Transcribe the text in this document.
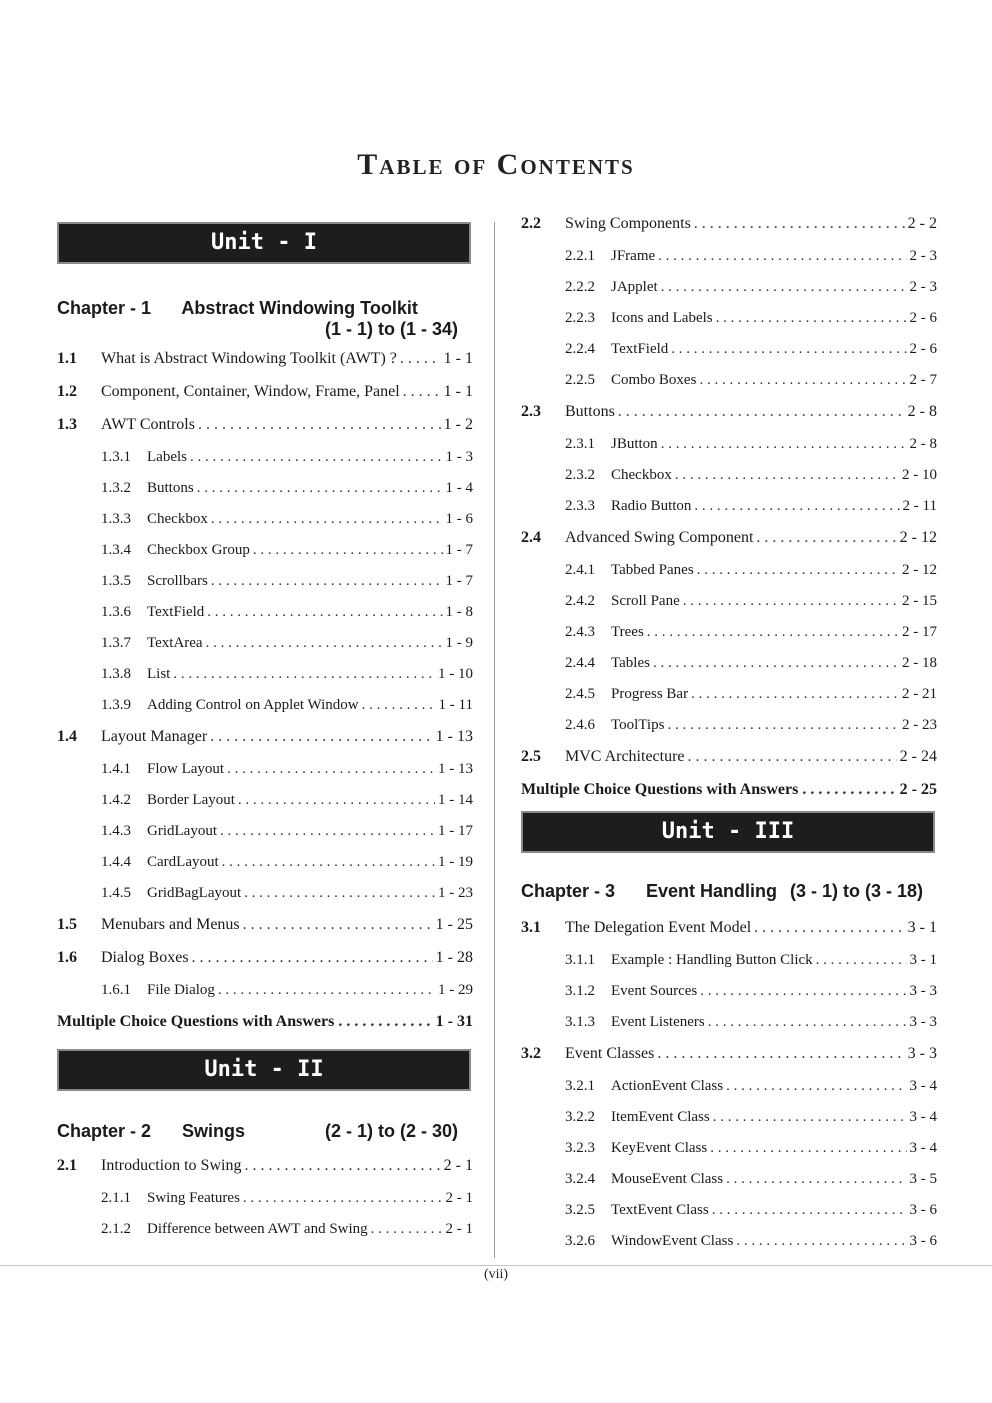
Table of Contents
Unit - I
Chapter - 1 Abstract Windowing Toolkit
(1 - 1) to (1 - 34)
1.1	What is Abstract Windowing Toolkit (AWT) ? . . .	1 - 1
1.2	Component, Container, Window, Frame, Panel . . .	1 - 1
1.3	AWT Controls . . .	1 - 2
1.3.1	Labels . . .	1 - 3
1.3.2	Buttons . . .	1 - 4
1.3.3	Checkbox . . .	1 - 6
1.3.4	Checkbox Group . . .	1 - 7
1.3.5	Scrollbars . . .	1 - 7
1.3.6	TextField . . .	1 - 8
1.3.7	TextArea . . .	1 - 9
1.3.8	List . . .	1 - 10
1.3.9	Adding Control on Applet Window . . .	1 - 11
1.4	Layout Manager . . .	1 - 13
1.4.1	Flow Layout . . .	1 - 13
1.4.2	Border Layout . . .	1 - 14
1.4.3	GridLayout . . .	1 - 17
1.4.4	CardLayout . . .	1 - 19
1.4.5	GridBagLayout . . .	1 - 23
1.5	Menubars and Menus . . .	1 - 25
1.6	Dialog Boxes . . .	1 - 28
1.6.1	File Dialog . . .	1 - 29
Multiple Choice Questions with Answers . . .	1 - 31
Unit - II
Chapter - 2 Swings	(2 - 1) to (2 - 30)
2.1	Introduction to Swing . . .	2 - 1
2.1.1	Swing Features . . .	2 - 1
2.1.2	Difference between AWT and Swing . . .	2 - 1
2.2	Swing Components . . .	2 - 2
2.2.1	JFrame . . .	2 - 3
2.2.2	JApplet . . .	2 - 3
2.2.3	Icons and Labels . . .	2 - 6
2.2.4	TextField . . .	2 - 6
2.2.5	Combo Boxes . . .	2 - 7
2.3	Buttons . . .	2 - 8
2.3.1	JButton . . .	2 - 8
2.3.2	Checkbox . . .	2 - 10
2.3.3	Radio Button . . .	2 - 11
2.4	Advanced Swing Component . . .	2 - 12
2.4.1	Tabbed Panes . . .	2 - 12
2.4.2	Scroll Pane . . .	2 - 15
2.4.3	Trees . . .	2 - 17
2.4.4	Tables . . .	2 - 18
2.4.5	Progress Bar . . .	2 - 21
2.4.6	ToolTips . . .	2 - 23
2.5	MVC Architecture . . .	2 - 24
Multiple Choice Questions with Answers . . .	2 - 25
Unit - III
Chapter - 3 Event Handling (3 - 1) to (3 - 18)
3.1	The Delegation Event Model . . .	3 - 1
3.1.1	Example : Handling Button Click . . .	3 - 1
3.1.2	Event Sources . . .	3 - 3
3.1.3	Event Listeners . . .	3 - 3
3.2	Event Classes . . .	3 - 3
3.2.1	ActionEvent Class . . .	3 - 4
3.2.2	ItemEvent Class . . .	3 - 4
3.2.3	KeyEvent Class . . .	3 - 4
3.2.4	MouseEvent Class . . .	3 - 5
3.2.5	TextEvent Class . . .	3 - 6
3.2.6	WindowEvent Class . . .	3 - 6
(vii)
